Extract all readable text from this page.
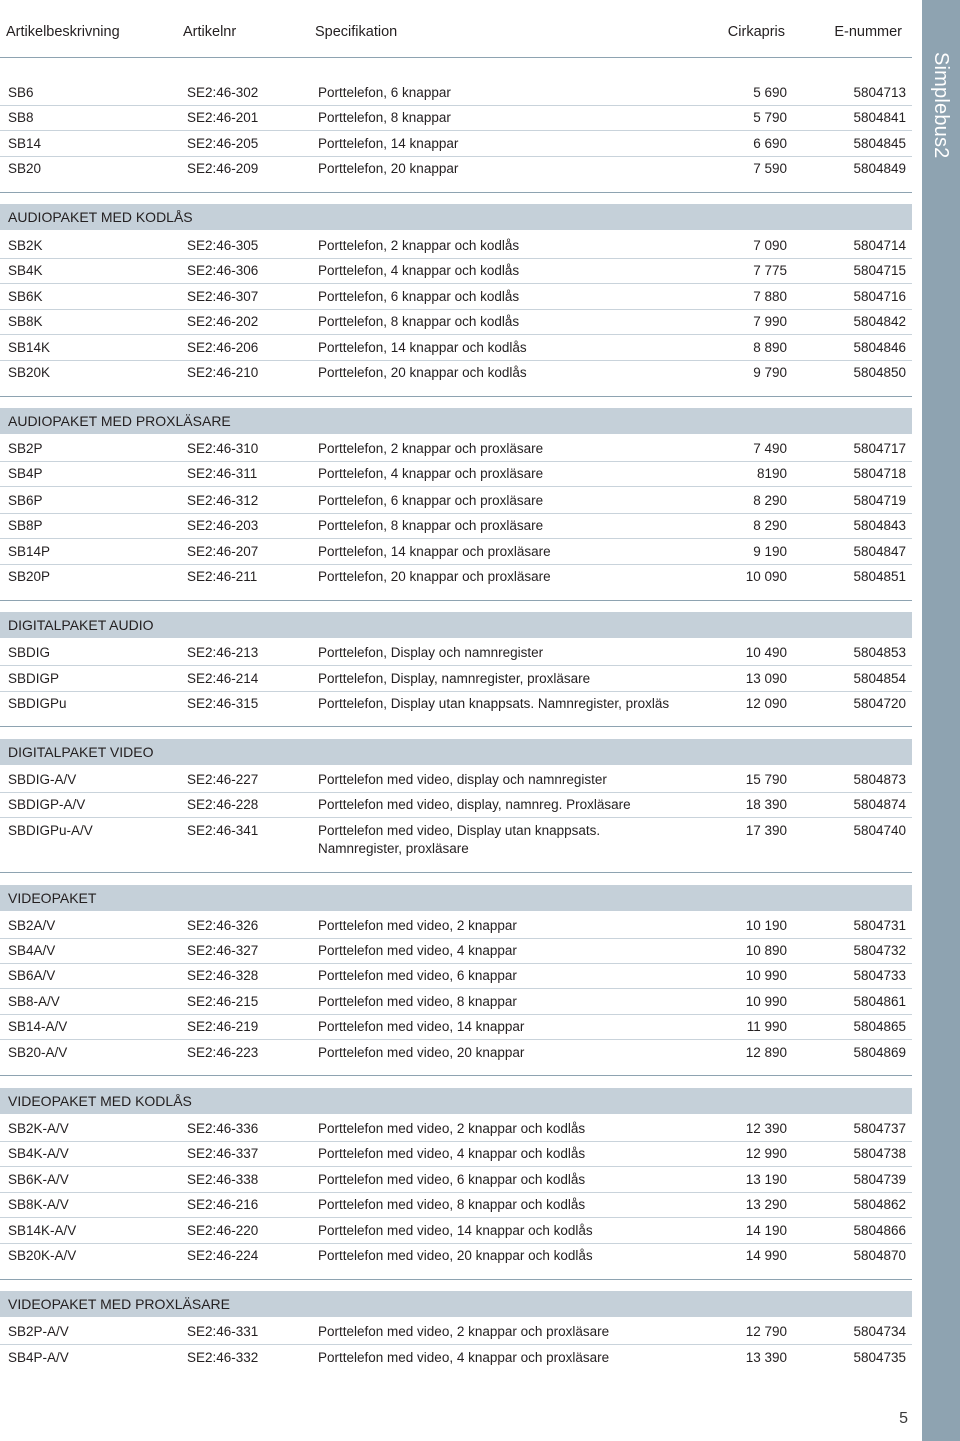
Simplebus2
Artikelbeskrivning	Artikelnr	Specifikation	Cirkapris	E-nummer
SB6	SE2:46-302	Porttelefon, 6 knappar	5 690	5804713
SB8	SE2:46-201	Porttelefon, 8 knappar	5 790	5804841
SB14	SE2:46-205	Porttelefon, 14 knappar	6 690	5804845
SB20	SE2:46-209	Porttelefon, 20 knappar	7 590	5804849
AUDIOPAKET MED KODLÅS
SB2K	SE2:46-305	Porttelefon, 2 knappar och kodlås	7 090	5804714
SB4K	SE2:46-306	Porttelefon, 4 knappar och kodlås	7 775	5804715
SB6K	SE2:46-307	Porttelefon, 6 knappar och kodlås	7 880	5804716
SB8K	SE2:46-202	Porttelefon, 8 knappar och kodlås	7 990	5804842
SB14K	SE2:46-206	Porttelefon, 14 knappar och kodlås	8 890	5804846
SB20K	SE2:46-210	Porttelefon, 20 knappar och kodlås	9 790	5804850
AUDIOPAKET MED PROXLÄSARE
SB2P	SE2:46-310	Porttelefon, 2 knappar och proxläsare	7 490	5804717
SB4P	SE2:46-311	Porttelefon, 4 knappar och proxläsare	8190	5804718
SB6P	SE2:46-312	Porttelefon, 6 knappar och proxläsare	8 290	5804719
SB8P	SE2:46-203	Porttelefon, 8 knappar och proxläsare	8 290	5804843
SB14P	SE2:46-207	Porttelefon, 14 knappar och proxläsare	9 190	5804847
SB20P	SE2:46-211	Porttelefon, 20 knappar och proxläsare	10 090	5804851
DIGITALPAKET AUDIO
SBDIG	SE2:46-213	Porttelefon, Display och namnregister	10 490	5804853
SBDIGP	SE2:46-214	Porttelefon, Display, namnregister, proxläsare	13 090	5804854
SBDIGPu	SE2:46-315	Porttelefon, Display utan knappsats. Namnregister, proxläs	12 090	5804720
DIGITALPAKET VIDEO
SBDIG-A/V	SE2:46-227	Porttelefon med video, display och namnregister	15 790	5804873
SBDIGP-A/V	SE2:46-228	Porttelefon med video, display, namnreg. Proxläsare	18 390	5804874
SBDIGPu-A/V	SE2:46-341	Porttelefon med video, Display utan knappsats.	17 390	5804740
Namnregister, proxläsare
VIDEOPAKET
SB2A/V	SE2:46-326	Porttelefon med video, 2 knappar	10 190	5804731
SB4A/V	SE2:46-327	Porttelefon med video, 4 knappar	10 890	5804732
SB6A/V	SE2:46-328	Porttelefon med video, 6 knappar	10 990	5804733
SB8-A/V	SE2:46-215	Porttelefon med video, 8 knappar	10 990	5804861
SB14-A/V	SE2:46-219	Porttelefon med video, 14 knappar	11 990	5804865
SB20-A/V	SE2:46-223	Porttelefon med video, 20 knappar	12 890	5804869
VIDEOPAKET MED KODLÅS
SB2K-A/V	SE2:46-336	Porttelefon med video, 2 knappar och kodlås	12 390	5804737
SB4K-A/V	SE2:46-337	Porttelefon med video, 4 knappar och kodlås	12 990	5804738
SB6K-A/V	SE2:46-338	Porttelefon med video, 6 knappar och kodlås	13 190	5804739
SB8K-A/V	SE2:46-216	Porttelefon med video, 8 knappar och kodlås	13 290	5804862
SB14K-A/V	SE2:46-220	Porttelefon med video, 14 knappar och kodlås	14 190	5804866
SB20K-A/V	SE2:46-224	Porttelefon med video, 20 knappar och kodlås	14 990	5804870
VIDEOPAKET MED PROXLÄSARE
SB2P-A/V	SE2:46-331	Porttelefon med video, 2 knappar och proxläsare	12 790	5804734
SB4P-A/V	SE2:46-332	Porttelefon med video, 4 knappar och proxläsare	13 390	5804735
5
